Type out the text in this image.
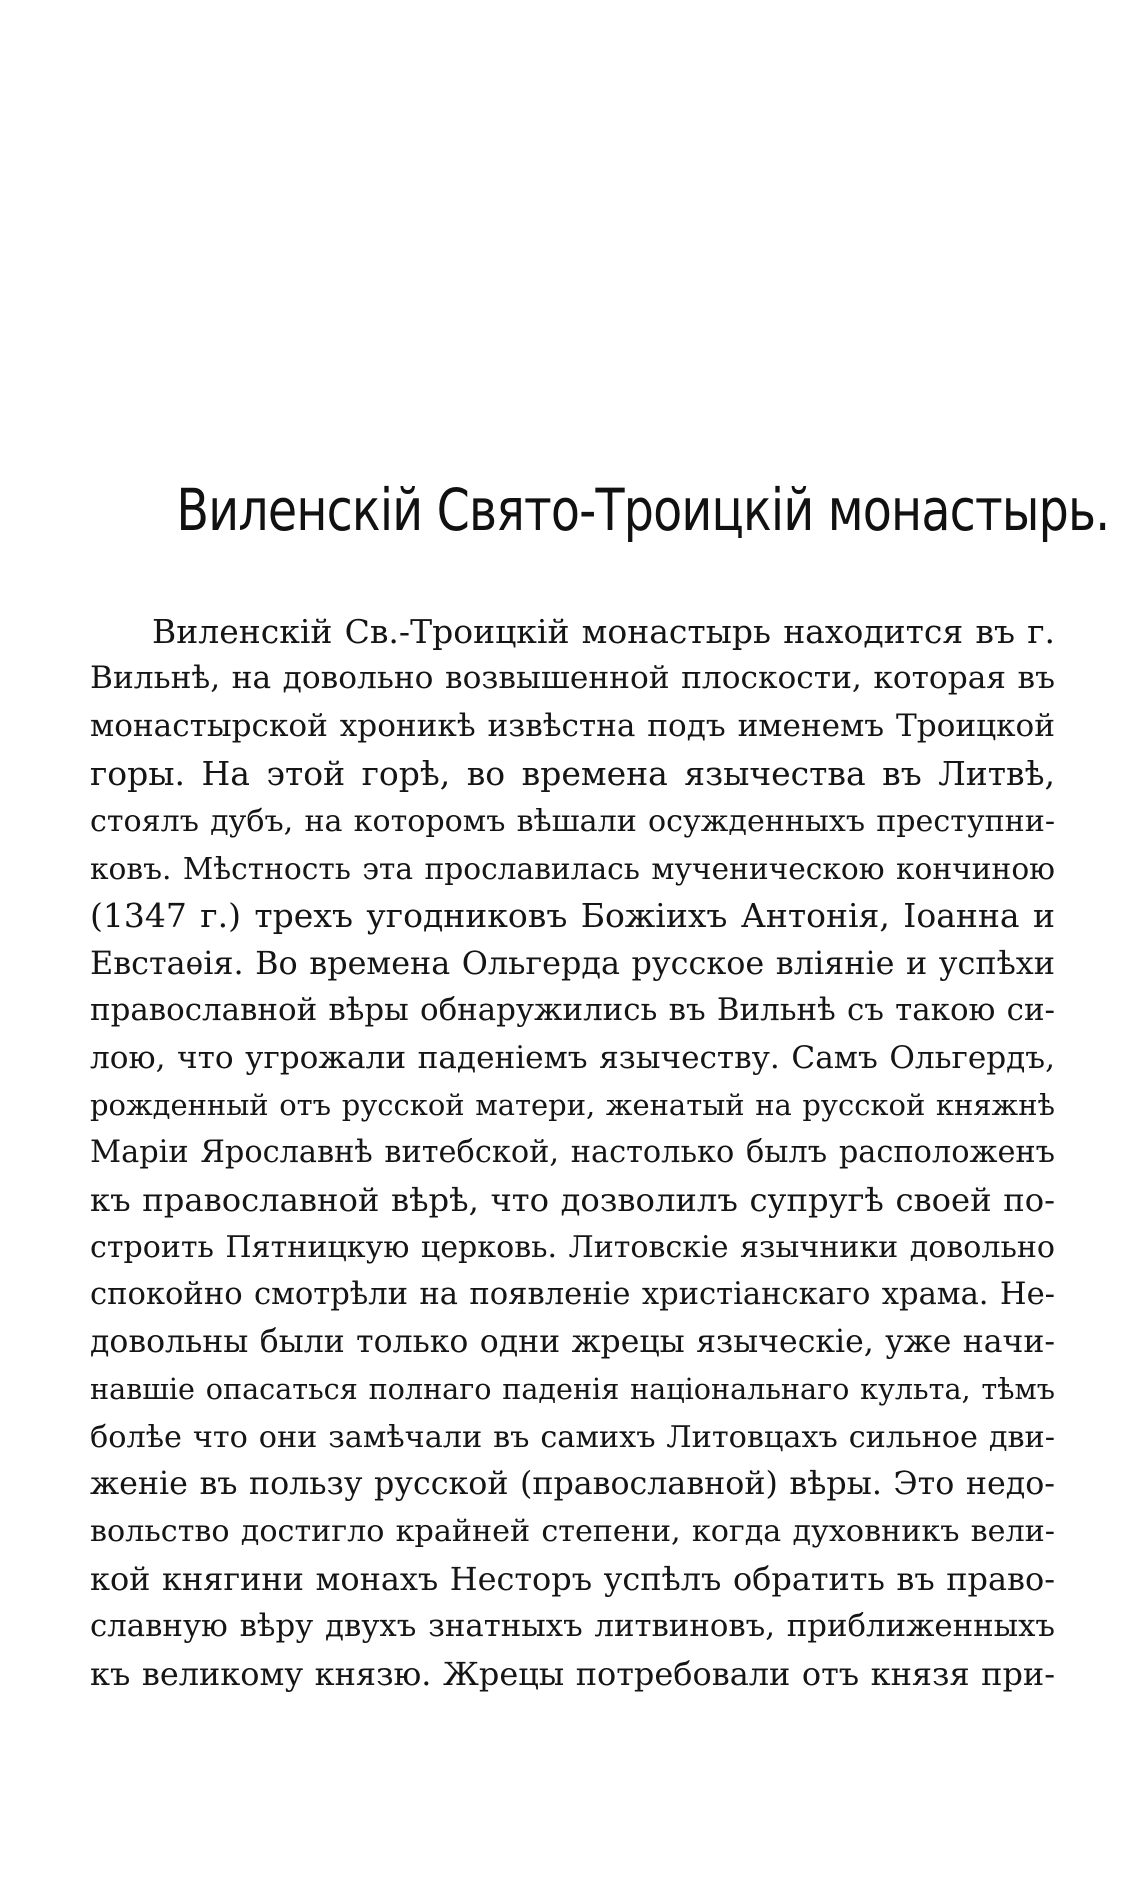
Виленскій Свято-Троицкій монастырь.
Виленскій Св.-Троицкій монастырь находится въ г.
Вильнѣ, на довольно возвышенной плоскости, которая въ
монастырской хроникѣ извѣстна подъ именемъ Троицкой
горы. На этой горѣ, во времена язычества въ Литвѣ,
стоялъ дубъ, на которомъ вѣшали осужденныхъ преступни-
ковъ. Мѣстность эта прославилась мученическою кончиною
(1347 г.) трехъ угодниковъ Божіихъ Антонія, Іоанна и
Евстаѳія. Во времена Ольгерда русское вліяніе и успѣхи
православной вѣры обнаружились въ Вильнѣ съ такою си-
лою, что угрожали паденіемъ язычеству. Самъ Ольгердъ,
рожденный отъ русской матери, женатый на русской княжнѣ
Маріи Ярославнѣ витебской, настолько былъ расположенъ
къ православной вѣрѣ, что дозволилъ супругѣ своей по-
строить Пятницкую церковь. Литовскіе язычники довольно
спокойно смотрѣли на появленіе христіанскаго храма. Не-
довольны были только одни жрецы языческіе, уже начи-
навшіе опасаться полнаго паденія національнаго культа, тѣмъ
болѣе что они замѣчали въ самихъ Литовцахъ сильное дви-
женіе въ пользу русской (православной) вѣры. Это недо-
вольство достигло крайней степени, когда духовникъ вели-
кой княгини монахъ Несторъ успѣлъ обратить въ право-
славную вѣру двухъ знатныхъ литвиновъ, приближенныхъ
къ великому князю. Жрецы потребовали отъ князя при-
